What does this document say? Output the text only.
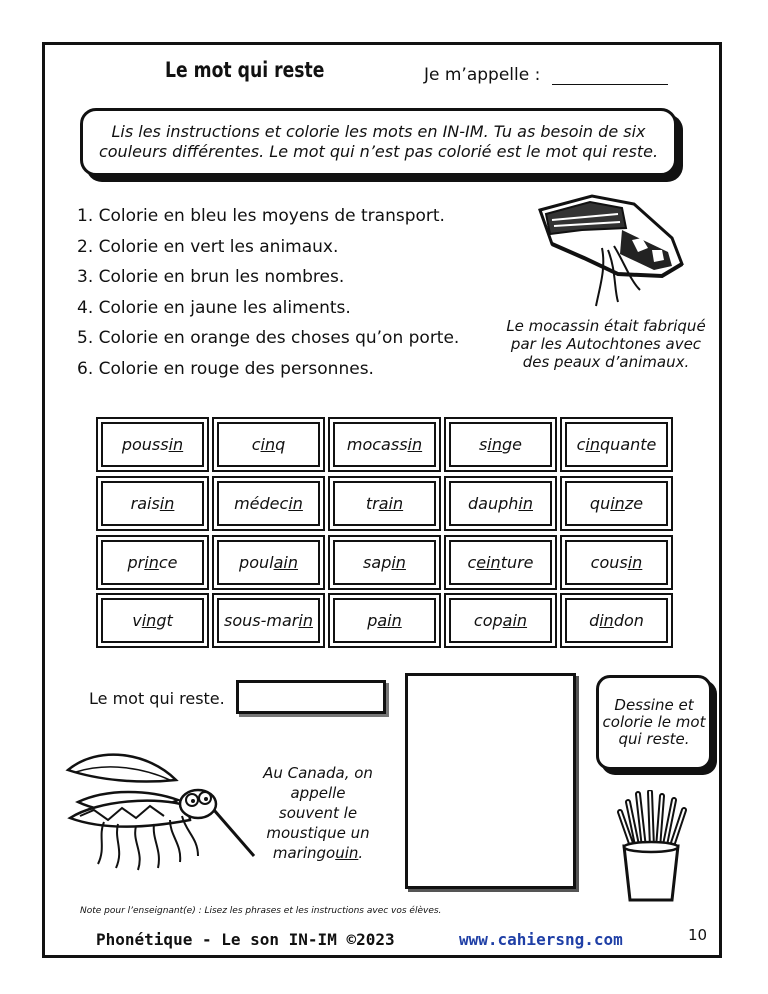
Le mot qui reste	Je m’appelle :
Lis les instructions et colorie les mots en IN-IM. Tu as besoin de six couleurs différentes. Le mot qui n’est pas colorié est le mot qui reste.
1. Colorie en bleu les moyens de transport.
2. Colorie en vert les animaux.
3. Colorie en brun les nombres.
4. Colorie en jaune les aliments.
5. Colorie en orange des choses qu’on porte.
6. Colorie en rouge des personnes.
Le mocassin était fabriqué par les Autochtones avec des peaux d’animaux.
poussin	cinq	mocassin	singe	cinquante
raisin	médecin	train	dauphin	quinze
prince	poulain	sapin	ceinture	cousin
vingt	sous-marin	pain	copain	dindon
Le mot qui reste.	Dessine et colorie le mot qui reste.
Au Canada, on appelle souvent le moustique un maringouin.
Note pour l’enseignant(e) : Lisez les phrases et les instructions avec vos élèves.
Phonétique - Le son IN-IM ©2023	www.cahiersng.com	10
